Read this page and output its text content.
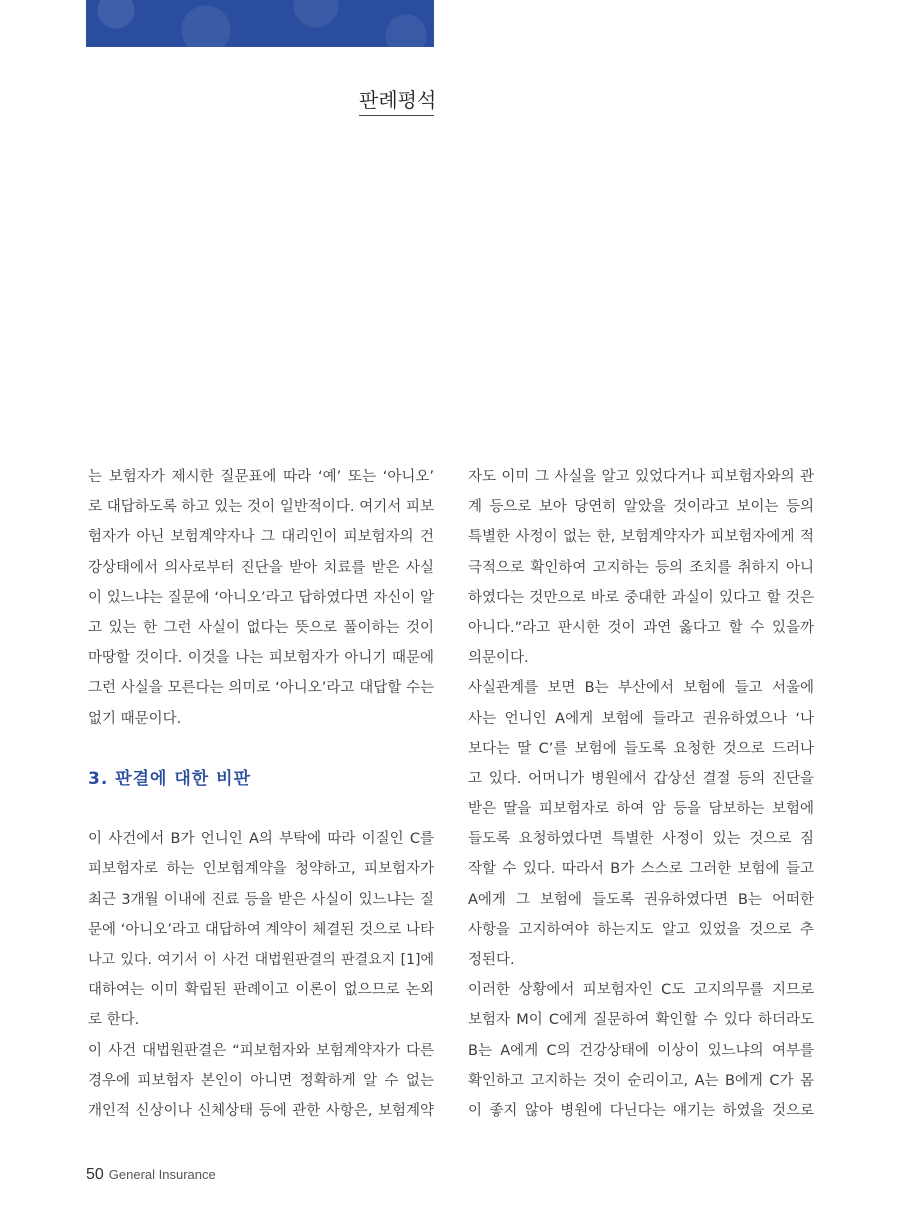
판례평석
는 보험자가 제시한 질문표에 따라 ‘예’ 또는 ‘아니오’
로 대답하도록 하고 있는 것이 일반적이다. 여기서 피보
험자가 아닌 보험계약자나 그 대리인이 피보험자의 건
강상태에서 의사로부터 진단을 받아 치료를 받은 사실
이 있느냐는 질문에 ‘아니오’라고 답하였다면 자신이 알
고 있는 한 그런 사실이 없다는 뜻으로 풀이하는 것이
마땅할 것이다. 이것을 나는 피보험자가 아니기 때문에
그런 사실을 모른다는 의미로 ‘아니오’라고 대답할 수는
없기 때문이다.
3. 판결에 대한 비판
이 사건에서 B가 언니인 A의 부탁에 따라 이질인 C를
피보험자로 하는 인보험계약을 청약하고, 피보험자가
최근 3개월 이내에 진료 등을 받은 사실이 있느냐는 질
문에 ‘아니오’라고 대답하여 계약이 체결된 것으로 나타
나고 있다. 여기서 이 사건 대법원판결의 판결요지 [1]에
대하여는 이미 확립된 판례이고 이론이 없으므로 논외
로 한다.
이 사건 대법원판결은 “피보험자와 보험계약자가 다른
경우에 피보험자 본인이 아니면 정확하게 알 수 없는
개인적 신상이나 신체상태 등에 관한 사항은, 보험계약
자도 이미 그 사실을 알고 있었다거나 피보험자와의 관
계 등으로 보아 당연히 알았을 것이라고 보이는 등의
특별한 사정이 없는 한, 보험계약자가 피보험자에게 적
극적으로 확인하여 고지하는 등의 조치를 취하지 아니
하였다는 것만으로 바로 중대한 과실이 있다고 할 것은
아니다.”라고 판시한 것이 과연 옳다고 할 수 있을까
의문이다.
사실관계를 보면 B는 부산에서 보험에 들고 서울에
사는 언니인 A에게 보험에 들라고 권유하였으나 ‘나
보다는 딸 C’를 보험에 들도록 요청한 것으로 드러나
고 있다. 어머니가 병원에서 갑상선 결절 등의 진단을
받은 딸을 피보험자로 하여 암 등을 담보하는 보험에
들도록 요청하였다면 특별한 사정이 있는 것으로 짐
작할 수 있다. 따라서 B가 스스로 그러한 보험에 들고
A에게 그 보험에 들도록 권유하였다면 B는 어떠한
사항을 고지하여야 하는지도 알고 있었을 것으로 추
정된다.
이러한 상황에서 피보험자인 C도 고지의무를 지므로
보험자 M이 C에게 질문하여 확인할 수 있다 하더라도
B는 A에게 C의 건강상태에 이상이 있느냐의 여부를
확인하고 고지하는 것이 순리이고, A는 B에게 C가 몸
이 좋지 않아 병원에 다닌다는 얘기는 하였을 것으로
50 General Insurance
